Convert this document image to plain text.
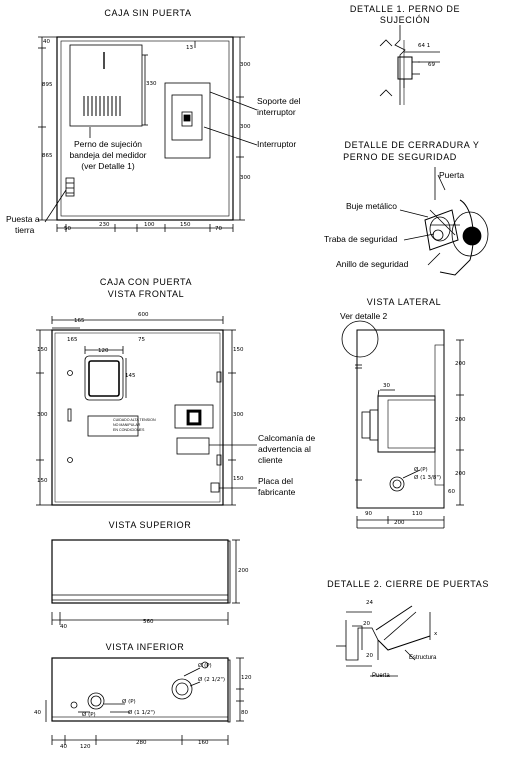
CAJA SIN PUERTA
40
895
865
300
300
300
330
13
50
230	100	150
70
Perno de sujeción
bandeja del medidor
(ver Detalle 1)
Soporte del
interruptor
Interruptor
Puesta a
tierra
DETALLE 1. PERNO DE
SUJECIÓN
64 1
69
DETALLE DE CERRADURA Y
PERNO DE SEGURIDAD
Puerta
Buje metálico
Traba de seguridad
Anillo de seguridad
CAJA CON PUERTA
VISTA FRONTAL
165
600
165
120
75
145
150	150
300	300
150	150
CUIDADO ALTA TENSION
NO MANIPULAR
EN CONDICIONES
Calcomanía de
advertencia al
cliente
Placa del
fabricante
VISTA LATERAL
Ver detalle 2
30
200
200
200
Ø (P)
Ø (1 3/8")
60
90	110
200
VISTA SUPERIOR
200
40
560
DETALLE 2. CIERRE DE PUERTAS
24
20
20
x
Estructura
Puerta
VISTA INFERIOR
Ø (P)
Ø (2 1/2")
Ø (P)
Ø (1 1/2")
Ø (P)
40
40 120
280	160
120
80
